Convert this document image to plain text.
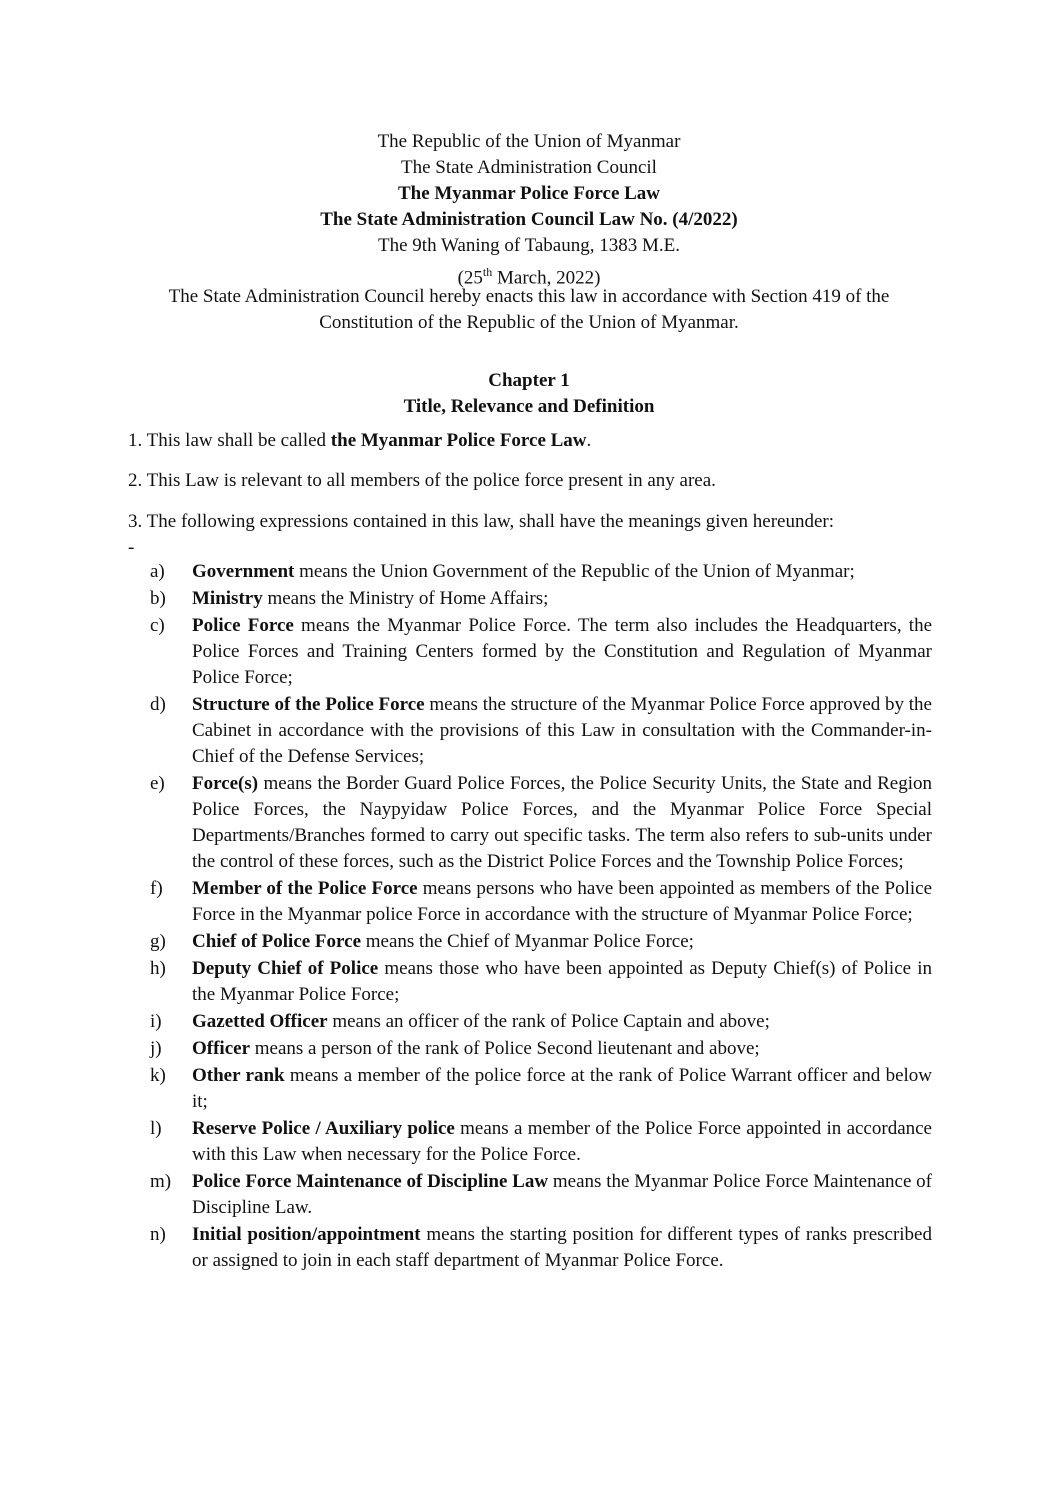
The Republic of the Union of Myanmar
The State Administration Council
The Myanmar Police Force Law
The State Administration Council Law No. (4/2022)
The 9th Waning of Tabaung, 1383 M.E.
(25th March, 2022)
The State Administration Council hereby enacts this law in accordance with Section 419 of the Constitution of the Republic of the Union of Myanmar.
Chapter 1
Title, Relevance and Definition
1. This law shall be called the Myanmar Police Force Law.
2. This Law is relevant to all members of the police force present in any area.
3. The following expressions contained in this law, shall have the meanings given hereunder:
-
a)	Government means the Union Government of the Republic of the Union of Myanmar;
b)	Ministry means the Ministry of Home Affairs;
c)	Police Force means the Myanmar Police Force. The term also includes the Headquarters, the Police Forces and Training Centers formed by the Constitution and Regulation of Myanmar Police Force;
d)	Structure of the Police Force means the structure of the Myanmar Police Force approved by the Cabinet in accordance with the provisions of this Law in consultation with the Commander-in-Chief of the Defense Services;
e)	Force(s) means the Border Guard Police Forces, the Police Security Units, the State and Region Police Forces, the Naypyidaw Police Forces, and the Myanmar Police Force Special Departments/Branches formed to carry out specific tasks. The term also refers to sub-units under the control of these forces, such as the District Police Forces and the Township Police Forces;
f)	Member of the Police Force means persons who have been appointed as members of the Police Force in the Myanmar police Force in accordance with the structure of Myanmar Police Force;
g)	Chief of Police Force means the Chief of Myanmar Police Force;
h)	Deputy Chief of Police means those who have been appointed as Deputy Chief(s) of Police in the Myanmar Police Force;
i)	Gazetted Officer means an officer of the rank of Police Captain and above;
j)	Officer means a person of the rank of Police Second lieutenant and above;
k)	Other rank means a member of the police force at the rank of Police Warrant officer and below it;
l)	Reserve Police / Auxiliary police means a member of the Police Force appointed in accordance with this Law when necessary for the Police Force.
m)	Police Force Maintenance of Discipline Law means the Myanmar Police Force Maintenance of Discipline Law.
n)	Initial position/appointment means the starting position for different types of ranks prescribed or assigned to join in each staff department of Myanmar Police Force.
